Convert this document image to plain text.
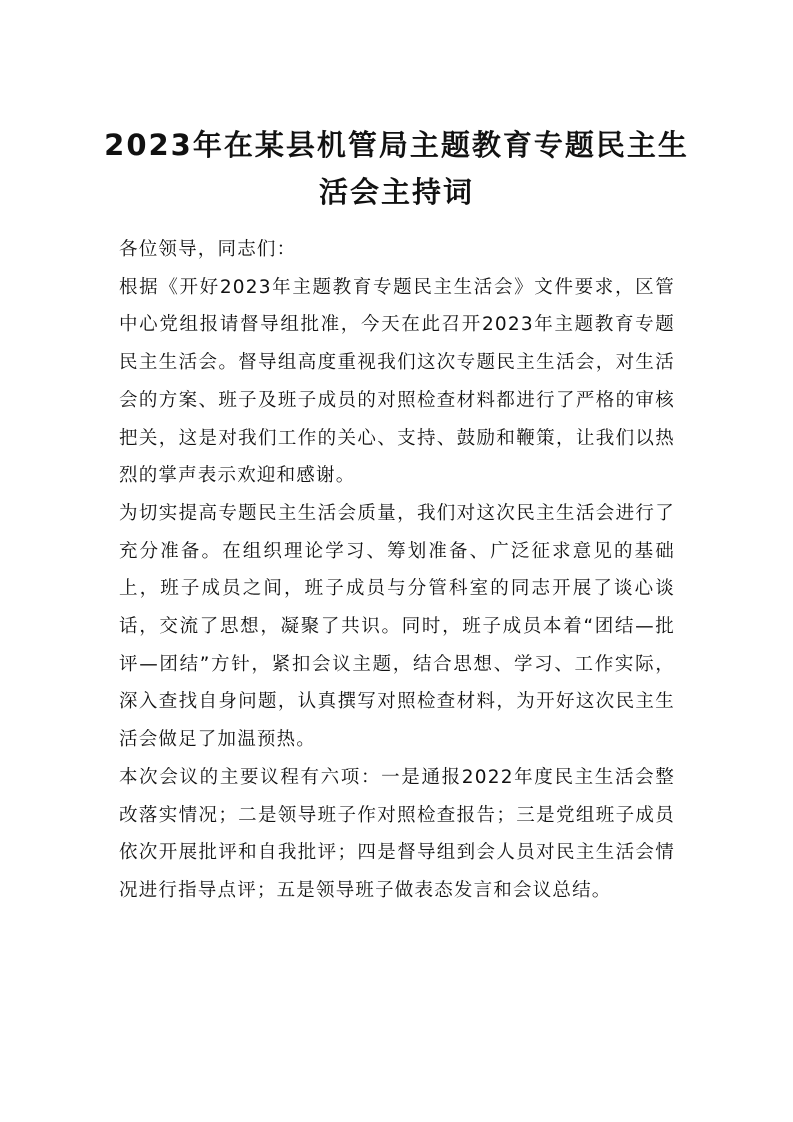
2023年在某县机管局主题教育专题民主生
活会主持词

各位领导，同志们：

根据《开好2023年主题教育专题民主生活会》文件要求，区管中心党组报请督导组批准，今天在此召开2023年主题教育专题民主生活会。督导组高度重视我们这次专题民主生活会，对生活会的方案、班子及班子成员的对照检查材料都进行了严格的审核把关，这是对我们工作的关心、支持、鼓励和鞭策，让我们以热烈的掌声表示欢迎和感谢。

为切实提高专题民主生活会质量，我们对这次民主生活会进行了充分准备。在组织理论学习、筹划准备、广泛征求意见的基础上，班子成员之间，班子成员与分管科室的同志开展了谈心谈话，交流了思想，凝聚了共识。同时，班子成员本着“团结—批评—团结”方针，紧扣会议主题，结合思想、学习、工作实际，深入查找自身问题，认真撰写对照检查材料，为开好这次民主生活会做足了加温预热。

本次会议的主要议程有六项：一是通报2022年度民主生活会整改落实情况；二是领导班子作对照检查报告；三是党组班子成员依次开展批评和自我批评；四是督导组到会人员对民主生活会情况进行指导点评；五是领导班子做表态发言和会议总结。
